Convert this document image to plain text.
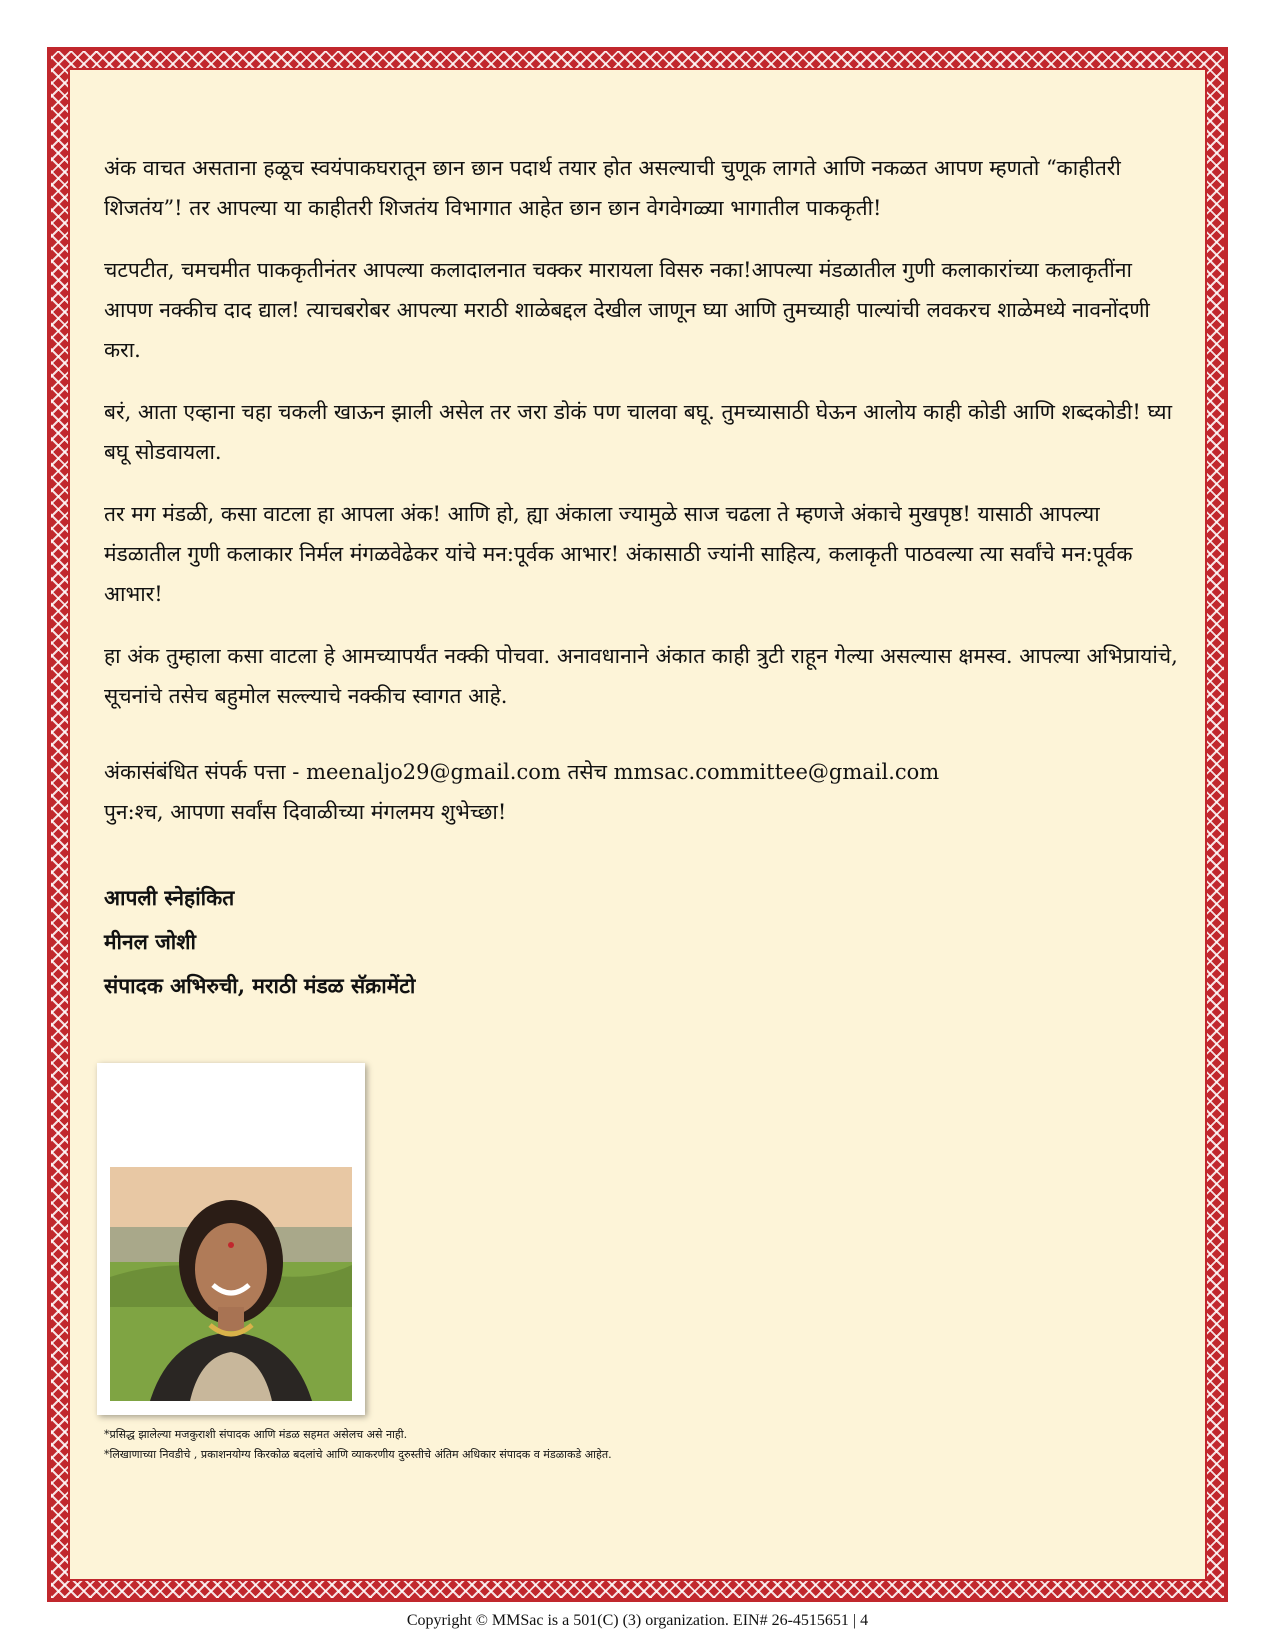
अंक वाचत असताना हळूच स्वयंपाकघरातून छान छान पदार्थ तयार होत असल्याची चुणूक लागते आणि नकळत आपण म्हणतो “काहीतरी शिजतंय”! तर आपल्या या काहीतरी शिजतंय विभागात आहेत छान छान वेगवेगळ्या भागातील पाककृती!

चटपटीत, चमचमीत पाककृतीनंतर आपल्या कलादालनात चक्कर मारायला विसरु नका!आपल्या मंडळातील गुणी कलाकारांच्या कलाकृतींना आपण नक्कीच दाद द्याल! त्याचबरोबर आपल्या मराठी शाळेबद्दल देखील जाणून घ्या आणि तुमच्याही पाल्यांची लवकरच शाळेमध्ये नावनोंदणी करा.

बरं, आता एव्हाना चहा चकली खाऊन झाली असेल तर जरा डोकं पण चालवा बघू. तुमच्यासाठी घेऊन आलोय काही कोडी आणि शब्दकोडी! घ्या बघू सोडवायला.

तर मग मंडळी, कसा वाटला हा आपला अंक! आणि हो, ह्या अंकाला ज्यामुळे साज चढला ते म्हणजे अंकाचे मुखपृष्ठ! यासाठी आपल्या मंडळातील गुणी कलाकार निर्मल मंगळवेढेकर यांचे मन:पूर्वक आभार! अंकासाठी ज्यांनी साहित्य, कलाकृती पाठवल्या त्या सर्वांचे मन:पूर्वक आभार!

हा अंक तुम्हाला कसा वाटला हे आमच्यापर्यंत नक्की पोचवा. अनावधानाने अंकात काही त्रुटी राहून गेल्या असल्यास क्षमस्व. आपल्या अभिप्रायांचे, सूचनांचे तसेच बहुमोल सल्ल्याचे नक्कीच स्वागत आहे.

अंकासंबंधित संपर्क पत्ता - meenaljo29@gmail.com तसेच mmsac.committee@gmail.com
पुन:श्च, आपणा सर्वांस दिवाळीच्या मंगलमय शुभेच्छा!
आपली स्नेहांकित
मीनल जोशी
संपादक अभिरुची, मराठी मंडळ सॅक्रामेंटो
*प्रसिद्ध झालेल्या मजकुराशी संपादक आणि मंडळ सहमत असेलच असे नाही.
*लिखाणाच्या निवडीचे , प्रकाशनयोग्य किरकोळ बदलांचे आणि व्याकरणीय दुरुस्तीचे अंतिम अधिकार संपादक व मंडळाकडे आहेत.
Copyright © MMSac is a 501(C) (3) organization. EIN# 26-4515651 | 4
